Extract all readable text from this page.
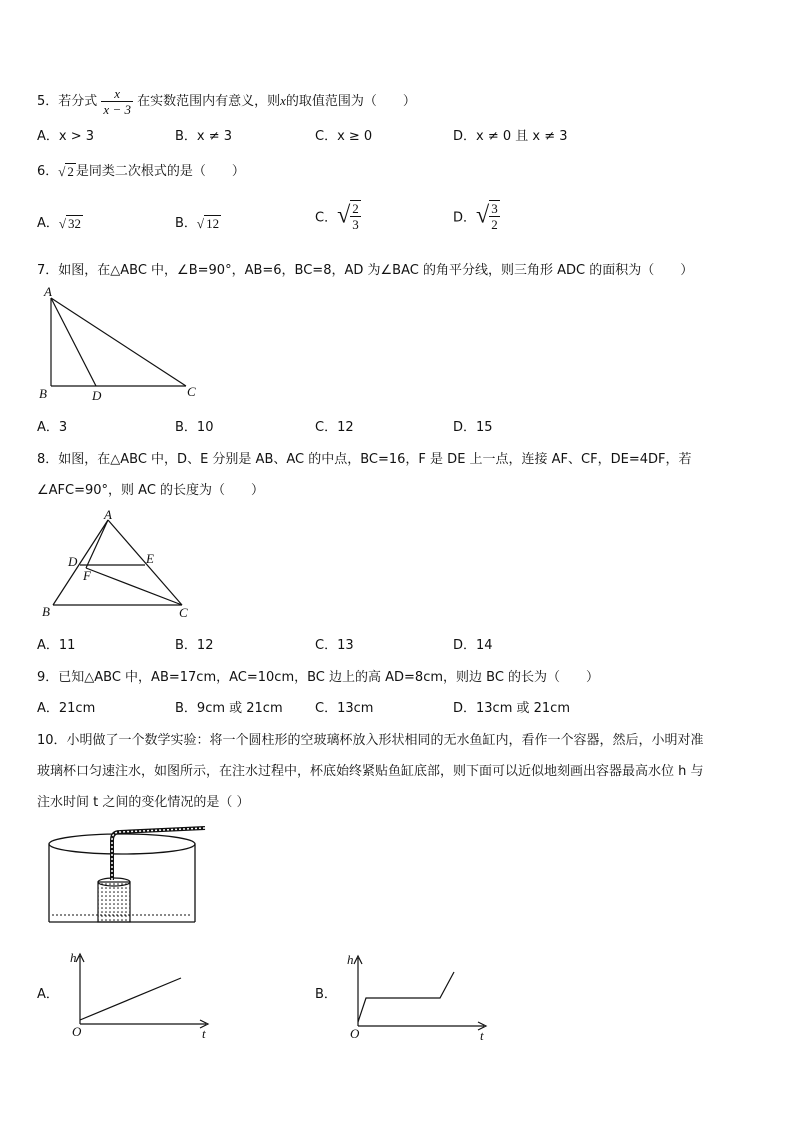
5．若分式 $\frac{x}{x - 3}$ 在实数范围内有意义，则x的取值范围为（　　）
A．x > 3	B．x ≠ 3	C．x ≥ 0	D．x ≠ 0 且 x ≠ 3
6．√ 2 是同类二次根式的是（　　）
A．√ 32	B．√ 12	C．√ $\frac{2}{3}$	D．√ $\frac{3}{2}$
7．如图，在△ABC 中，∠B=90°，AB=6，BC=8，AD 为∠BAC 的角平分线，则三角形 ADC 的面积为（　　）
A
B	D	C
A．3	B．10	C．12	D．15
8．如图，在△ABC 中，D、E 分别是 AB、AC 的中点，BC=16，F 是 DE 上一点，连接 AF、CF，DE=4DF，若
∠AFC=90°，则 AC 的长度为（　　）
A
D	E
F
B	C
A．11	B．12	C．13	D．14
9．已知△ABC 中，AB=17cm，AC=10cm，BC 边上的高 AD=8cm，则边 BC 的长为（　　）
A．21cm	B．9cm 或 21cm C．13cm	D．13cm 或 21cm
10．小明做了一个数学实验：将一个圆柱形的空玻璃杯放入形状相同的无水鱼缸内，看作一个容器，然后，小明对准
玻璃杯口匀速注水，如图所示，在注水过程中，杯底始终紧贴鱼缸底部，则下面可以近似地刻画出容器最高水位 h 与
注水时间 t 之间的变化情况的是（ ）
A．
h
O	t
B．
h
O	t
